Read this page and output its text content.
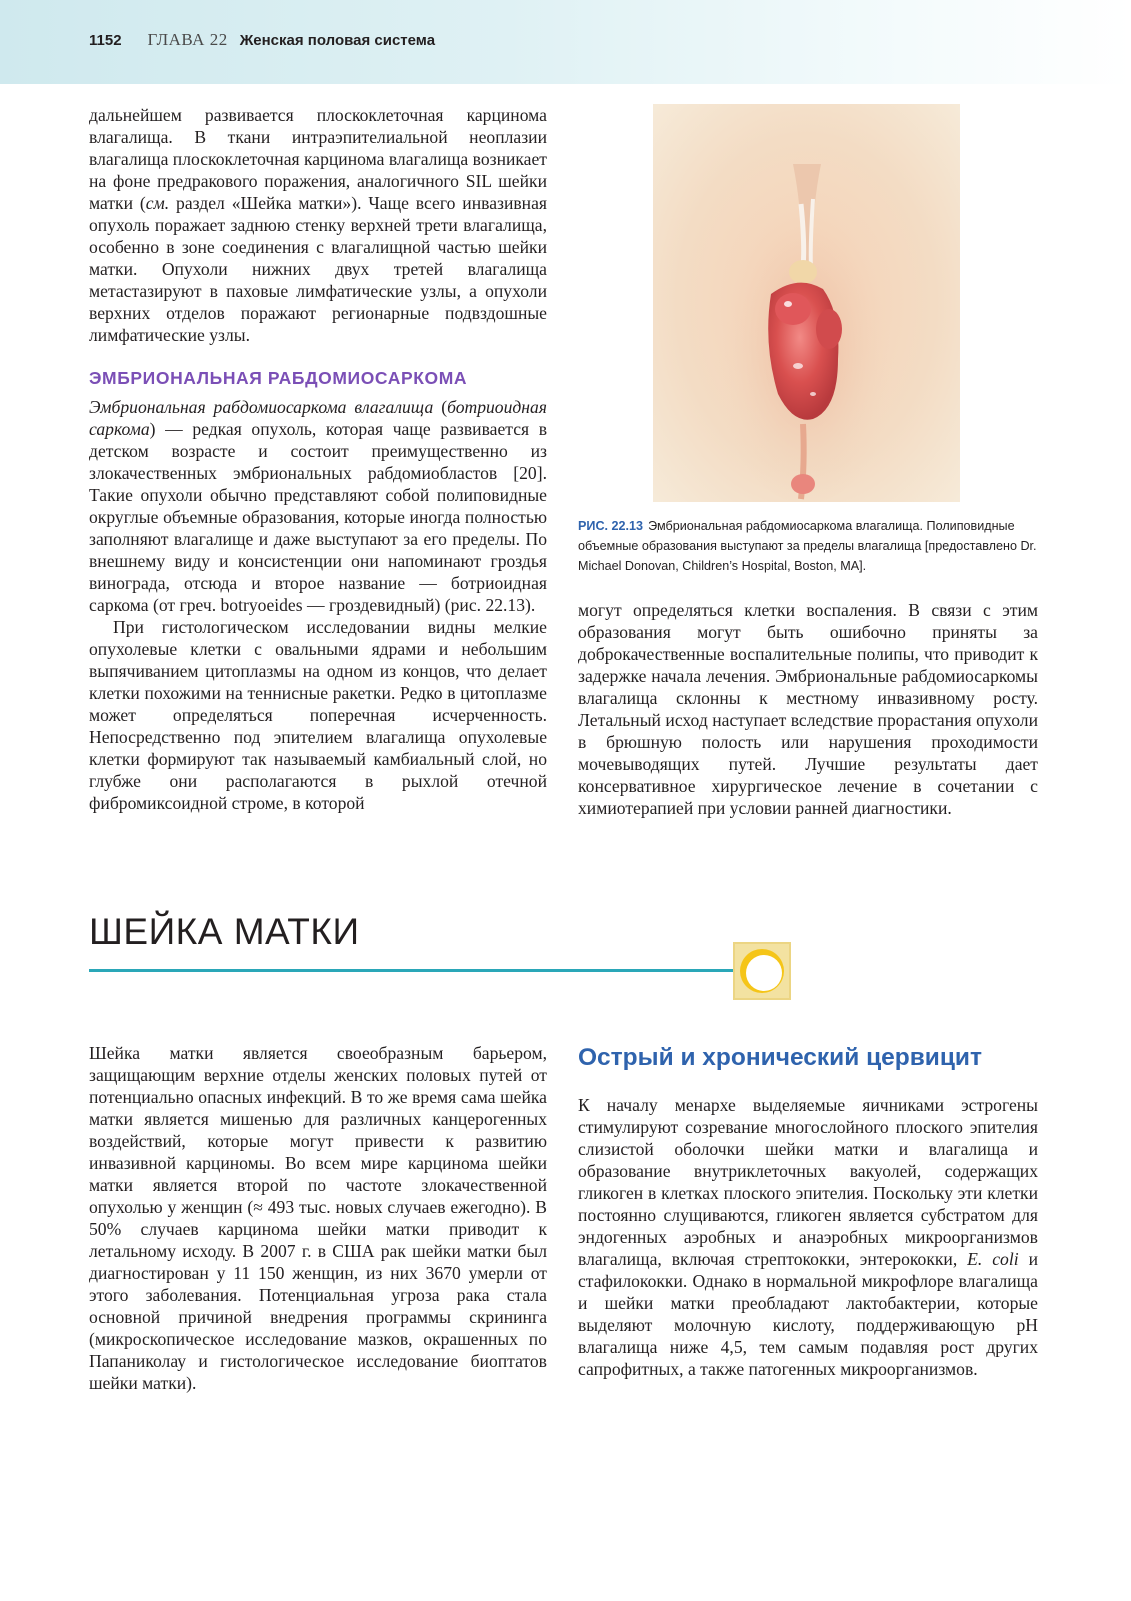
1152 ГЛАВА 22 Женская половая система

дальнейшем развивается плоскоклеточная карцинома влагалища. В ткани интраэпителиальной неоплазии влагалища плоскоклеточная карцинома влагалища возникает на фоне предракового поражения, аналогичного SIL шейки матки (см. раздел «Шейка матки»). Чаще всего инвазивная опухоль поражает заднюю стенку верхней трети влагалища, особенно в зоне соединения с влагалищной частью шейки матки. Опухоли нижних двух третей влагалища метастазируют в паховые лимфатические узлы, а опухоли верхних отделов поражают регионарные подвздошные лимфатические узлы.

ЭМБРИОНАЛЬНАЯ РАБДОМИОСАРКОМА

Эмбриональная рабдомиосаркома влагалища (ботриоидная саркома) — редкая опухоль, которая чаще развивается в детском возрасте и состоит преимущественно из злокачественных эмбриональных рабдомиобластов [20]. Такие опухоли обычно представляют собой полиповидные округлые объемные образования, которые иногда полностью заполняют влагалище и даже выступают за его пределы. По внешнему виду и консистенции они напоминают гроздья винограда, отсюда и второе название — ботриоидная саркома (от греч. botryoeides — гроздевидный) (рис. 22.13).

При гистологическом исследовании видны мелкие опухолевые клетки с овальными ядрами и небольшим выпячиванием цитоплазмы на одном из концов, что делает клетки похожими на теннисные ракетки. Редко в цитоплазме может определяться поперечная исчерченность. Непосредственно под эпителием влагалища опухолевые клетки формируют так называемый камбиальный слой, но глубже они располагаются в рыхлой отечной фибромиксоидной строме, в которой

РИС. 22.13 Эмбриональная рабдомиосаркома влагалища. Полиповидные объемные образования выступают за пределы влагалища [предоставлено Dr. Michael Donovan, Children’s Hospital, Boston, MA].

могут определяться клетки воспаления. В связи с этим образования могут быть ошибочно приняты за доброкачественные воспалительные полипы, что приводит к задержке начала лечения. Эмбриональные рабдомиосаркомы влагалища склонны к местному инвазивному росту. Летальный исход наступает вследствие прорастания опухоли в брюшную полость или нарушения проходимости мочевыводящих путей. Лучшие результаты дает консервативное хирургическое лечение в сочетании с химиотерапией при условии ранней диагностики.

ШЕЙКА МАТКИ

Шейка матки является своеобразным барьером, защищающим верхние отделы женских половых путей от потенциально опасных инфекций. В то же время сама шейка матки является мишенью для различных канцерогенных воздействий, которые могут привести к развитию инвазивной карциномы. Во всем мире карцинома шейки матки является второй по частоте злокачественной опухолью у женщин (≈ 493 тыс. новых случаев ежегодно). В 50% случаев карцинома шейки матки приводит к летальному исходу. В 2007 г. в США рак шейки матки был диагностирован у 11 150 женщин, из них 3670 умерли от этого заболевания. Потенциальная угроза рака стала основной причиной внедрения программы скрининга (микроскопическое исследование мазков, окрашенных по Папаниколау и гистологическое исследование биоптатов шейки матки).

Острый и хронический цервицит

К началу менархе выделяемые яичниками эстрогены стимулируют созревание многослойного плоского эпителия слизистой оболочки шейки матки и влагалища и образование внутриклеточных вакуолей, содержащих гликоген в клетках плоского эпителия. Поскольку эти клетки постоянно слущиваются, гликоген является субстратом для эндогенных аэробных и анаэробных микроорганизмов влагалища, включая стрептококки, энтерококки, E. coli и стафилококки. Однако в нормальной микрофлоре влагалища и шейки матки преобладают лактобактерии, которые выделяют молочную кислоту, поддерживающую pH влагалища ниже 4,5, тем самым подавляя рост других сапрофитных, а также патогенных микроорганизмов.
